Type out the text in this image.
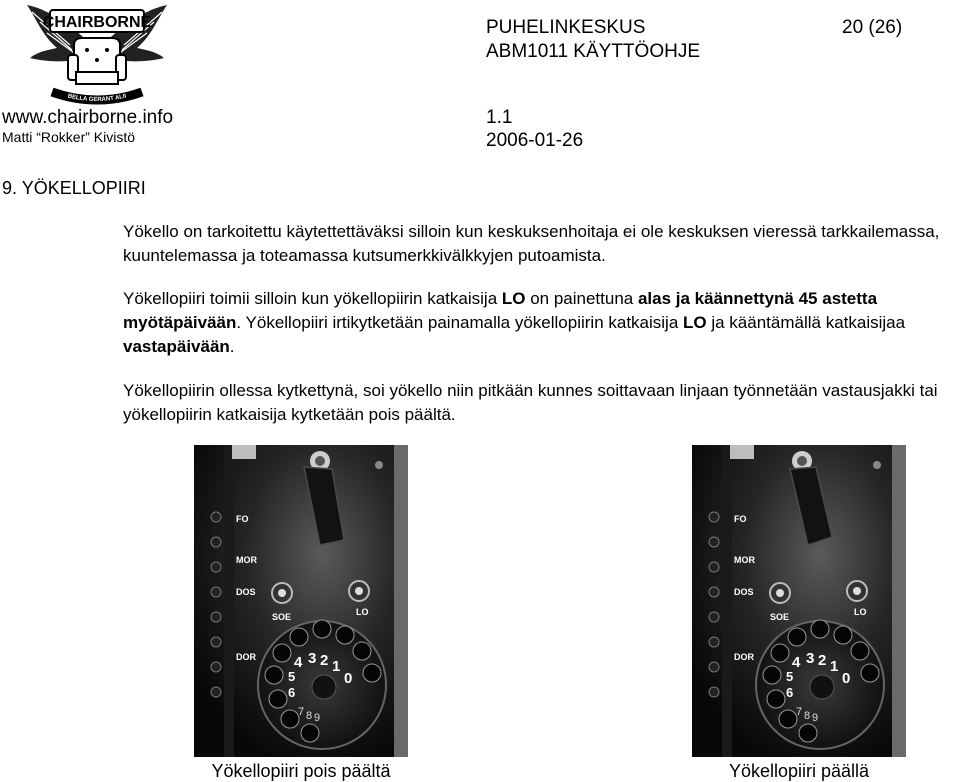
CHAIRBORNE
BELLA GERANT ALII
PUHELINKESKUS
ABM1011 KÄYTTÖOHJE
20 (26)
www.chairborne.info	1.1
Matti “Rokker” Kivistö	2006-01-26
9. YÖKELLOPIIRI
Yökello on tarkoitettu käytettettäväksi silloin kun keskuksenhoitaja ei ole keskuksen vieressä tarkkailemassa, kuuntelemassa ja toteamassa kutsumerkkivälkkyjen putoamista.
Yökellopiiri toimii silloin kun yökellopiirin katkaisija LO on painettuna alas ja käännettynä 45 astetta myötäpäivään. Yökellopiiri irtikytketään painamalla yökellopiirin katkaisija LO ja kääntämällä katkaisijaa vastapäivään.
Yökellopiirin ollessa kytkettynä, soi yökello niin pitkään kunnes soittavaan linjaan työnnetään vastausjakki tai yökellopiirin katkaisija kytketään pois päältä.
FO
MOR
DOS
SOE	LO
DOR	4 3 2 1
0
5
6
7 8 9
FO
MOR
DOS
SOE	LO
DOR	4 3 2 1
0
5
6
7 8 9
Yökellopiiri pois päältä	Yökellopiiri päällä
